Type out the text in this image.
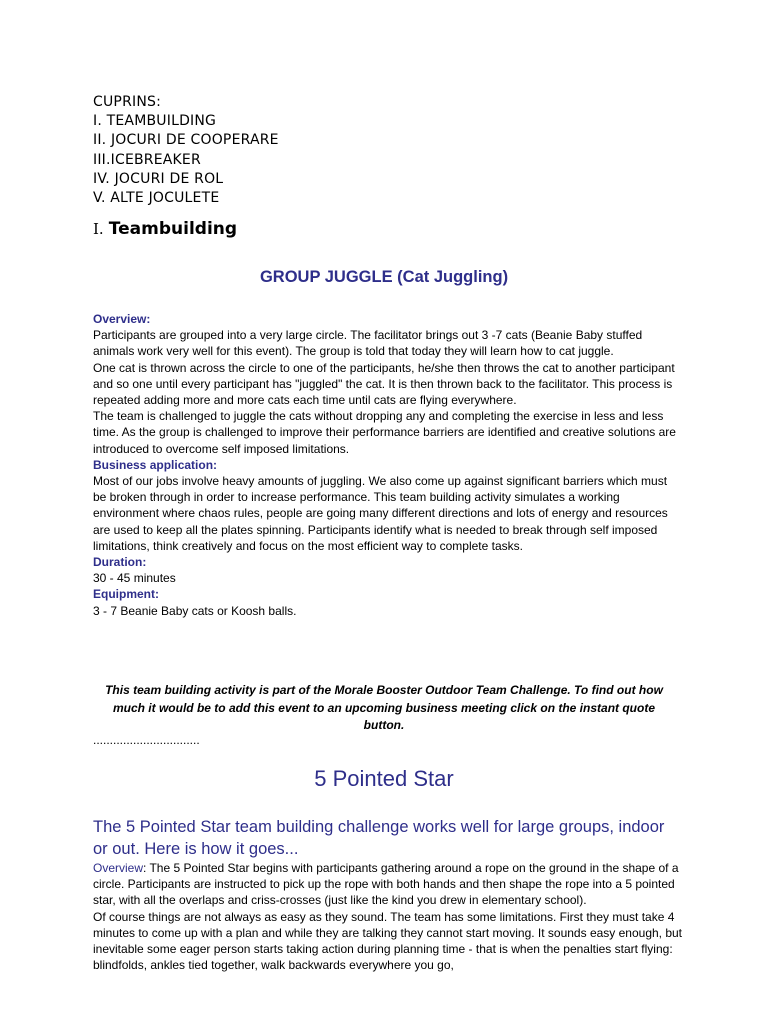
CUPRINS:
I. TEAMBUILDING
II. JOCURI DE COOPERARE
III.ICEBREAKER
IV. JOCURI DE ROL
V. ALTE JOCULETE
I. Teambuilding
GROUP JUGGLE (Cat Juggling)
Overview:
Participants are grouped into a very large circle. The facilitator brings out 3 -7 cats (Beanie Baby stuffed animals work very well for this event). The group is told that today they will learn how to cat juggle.
One cat is thrown across the circle to one of the participants, he/she then throws the cat to another participant and so one until every participant has "juggled" the cat. It is then thrown back to the facilitator. This process is repeated adding more and more cats each time until cats are flying everywhere.
The team is challenged to juggle the cats without dropping any and completing the exercise in less and less time. As the group is challenged to improve their performance barriers are identified and creative solutions are introduced to overcome self imposed limitations.
Business application:
Most of our jobs involve heavy amounts of juggling. We also come up against significant barriers which must be broken through in order to increase performance. This team building activity simulates a working environment where chaos rules, people are going many different directions and lots of energy and resources are used to keep all the plates spinning. Participants identify what is needed to break through self imposed limitations, think creatively and focus on the most efficient way to complete tasks.
Duration:
30 - 45 minutes
Equipment:
3 - 7 Beanie Baby cats or Koosh balls.
This team building activity is part of the Morale Booster Outdoor Team Challenge. To find out how much it would be to add this event to an upcoming business meeting click on the instant quote button.
................................
5 Pointed Star
The 5 Pointed Star team building challenge works well for large groups, indoor or out. Here is how it goes...
Overview: The 5 Pointed Star begins with participants gathering around a rope on the ground in the shape of a circle. Participants are instructed to pick up the rope with both hands and then shape the rope into a 5 pointed star, with all the overlaps and criss-crosses (just like the kind you drew in elementary school).
Of course things are not always as easy as they sound. The team has some limitations. First they must take 4 minutes to come up with a plan and while they are talking they cannot start moving. It sounds easy enough, but inevitable some eager person starts taking action during planning time - that is when the penalties start flying: blindfolds, ankles tied together, walk backwards everywhere you go,
